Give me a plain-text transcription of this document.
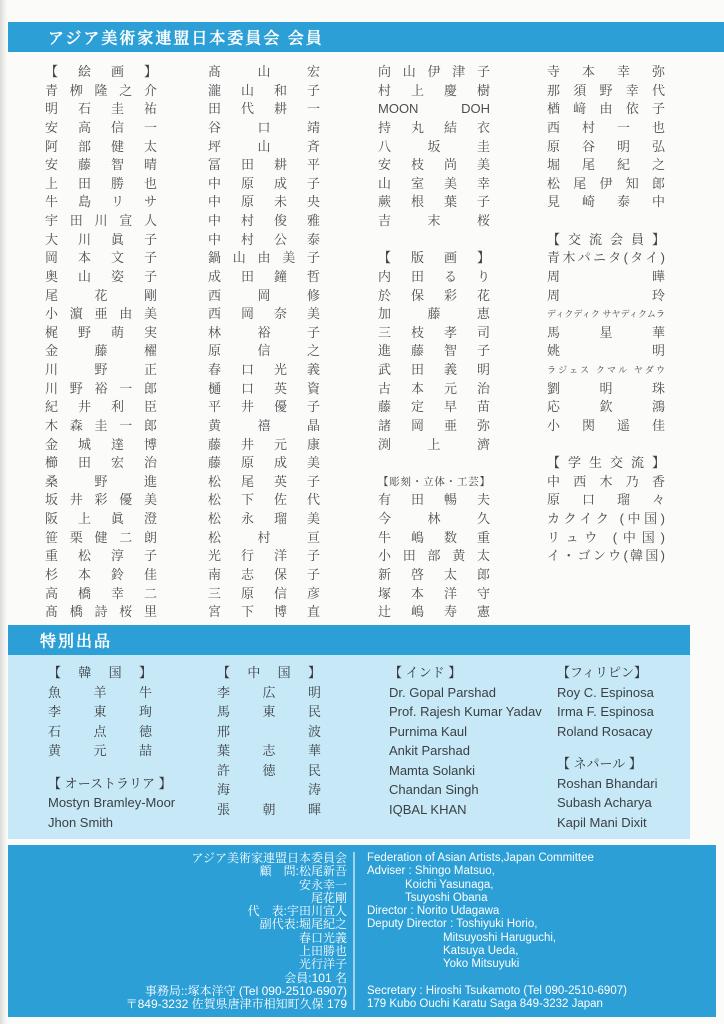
アジア美術家連盟日本委員会 会員
【絵画】
青栁隆之介
明石圭祐
安高信一
阿部健太
安藤智晴
上田勝也
牛島リサ
宇田川宣人
大川眞子
岡本文子
奥山姿子
尾花剛
小濵亜由美
梶野萌実
金藤櫂
川野正
川野裕一郎
紀井利臣
木森圭一郎
金城達博
櫛田宏治
桑野進
坂井彩優美
阪上眞澄
笹栗健二朗
重松淳子
杉本鈴佳
高橋幸二
髙橋詩桜里
髙山宏
瀧山和子
田代耕一
谷口靖
坪山斉
冨田耕平
中原成子
中原未央
中村俊雅
中村公泰
鍋山由美子
成田鐘哲
西岡修
西岡奈美
林裕子
原信之
春口光義
樋口英資
平井優子
黄禧晶
藤井元康
藤原成美
松尾英子
松下佐代
松永瑠美
松村亘
光行洋子
南志保子
三原信彦
宮下博直
向山伊津子
村上慶樹
MOON DOH
持丸結衣
八坂圭
安枝尚美
山室美幸
蕨根葉子
吉末桜
【版画】
内田るり
於保彩花
加藤恵
三枝孝司
進藤智子
武田義明
古本元治
藤定早苗
諸岡亜弥
渕上濟
【彫刻・立体・工芸】
有田暢夫
今林久
牛嶋数重
小田部黄太
新啓太郎
塚本洋守
辻嶋寿憲
寺本幸弥
那須野幸代
楢﨑由依子
西村一也
原谷明弘
堀尾紀之
松尾伊知郎
見崎泰中
【交流会員】
青木パニタ(タイ)
周曄
周玲
ディクディク サヤディクムラ
馬星華
姚明
ラジェス クマル ヤダウ
劉明珠
応欽鴻
小関遥佳
【学生交流】
中西木乃香
原口瑠々
カクイク (中国)
リュウ (中国)
イ・ゴンウ(韓国)
特別出品
【韓国】
魚羊牛
李東珣
石点徳
黄元喆
【 オーストラリア 】
Mostyn Bramley-Moor
Jhon Smith
【中国】
李広明
馬東民
邢波
葉志華
許徳民
海涛
張朝暉
【 インド 】
Dr. Gopal Parshad
Prof. Rajesh Kumar Yadav
Purnima Kaul
Ankit Parshad
Mamta Solanki
Chandan Singh
IQBAL KHAN
【フィリピン】
Roy C. Espinosa
Irma F. Espinosa
Roland Rosacay
【 ネパール 】
Roshan Bhandari
Subash Acharya
Kapil Mani Dixit
アジア美術家連盟日本委員会
顧　問:松尾新吾
安永幸一
尾花剛
代　表:宇田川宣人
副代表:堀尾紀之
春口光義
上田勝也
光行洋子
会員:101 名
事務局::塚本洋守 (Tel 090-2510-6907)
〒849-3232 佐賀県唐津市相知町久保 179
Federation of Asian Artists,Japan Committee
Adviser : Shingo Matsuo,
Koichi Yasunaga,
Tsuyoshi Obana
Director : Norito Udagawa
Deputy Director : Toshiyuki Horio,
Mitsuyoshi Haruguchi,
Katsuya Ueda,
Yoko Mitsuyuki
Secretary : Hiroshi Tsukamoto (Tel 090-2510-6907)
179 Kubo Ouchi Karatu Saga 849-3232 Japan
